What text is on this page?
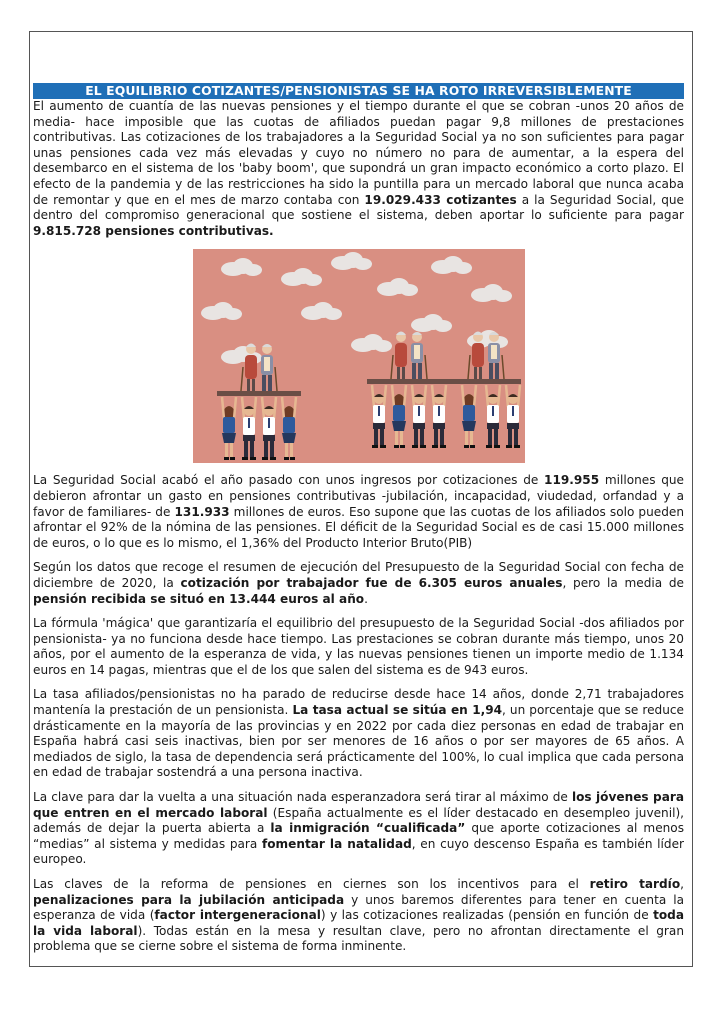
EL EQUILIBRIO COTIZANTES/PENSIONISTAS SE HA ROTO IRREVERSIBLEMENTE

El aumento de cuantía de las nuevas pensiones y el tiempo durante el que se cobran -unos 20 años de media- hace imposible que las cuotas de afiliados puedan pagar 9,8 millones de prestaciones contributivas. Las cotizaciones de los trabajadores a la Seguridad Social ya no son suficientes para pagar unas pensiones cada vez más elevadas y cuyo no número no para de aumentar, a la espera del desembarco en el sistema de los 'baby boom', que supondrá un gran impacto económico a corto plazo. El efecto de la pandemia y de las restricciones ha sido la puntilla para un mercado laboral que nunca acaba de remontar y que en el mes de marzo contaba con 19.029.433 cotizantes a la Seguridad Social, que dentro del compromiso generacional que sostiene el sistema, deben aportar lo suficiente para pagar 9.815.728 pensiones contributivas.

La Seguridad Social acabó el año pasado con unos ingresos por cotizaciones de 119.955 millones que debieron afrontar un gasto en pensiones contributivas -jubilación, incapacidad, viudedad, orfandad y a favor de familiares- de 131.933 millones de euros. Eso supone que las cuotas de los afiliados solo pueden afrontar el 92% de la nómina de las pensiones. El déficit de la Seguridad Social es de casi 15.000 millones de euros, o lo que es lo mismo, el 1,36% del Producto Interior Bruto(PIB)

Según los datos que recoge el resumen de ejecución del Presupuesto de la Seguridad Social con fecha de diciembre de 2020, la cotización por trabajador fue de 6.305 euros anuales, pero la media de pensión recibida se situó en 13.444 euros al año.

La fórmula 'mágica' que garantizaría el equilibrio del presupuesto de la Seguridad Social -dos afiliados por pensionista- ya no funciona desde hace tiempo. Las prestaciones se cobran durante más tiempo, unos 20 años, por el aumento de la esperanza de vida, y las nuevas pensiones tienen un importe medio de 1.134 euros en 14 pagas, mientras que el de los que salen del sistema es de 943 euros.

La tasa afiliados/pensionistas no ha parado de reducirse desde hace 14 años, donde 2,71 trabajadores mantenía la prestación de un pensionista. La tasa actual se sitúa en 1,94, un porcentaje que se reduce drásticamente en la mayoría de las provincias y en 2022 por cada diez personas en edad de trabajar en España habrá casi seis inactivas, bien por ser menores de 16 años o por ser mayores de 65 años. A mediados de siglo, la tasa de dependencia será prácticamente del 100%, lo cual implica que cada persona en edad de trabajar sostendrá a una persona inactiva.

La clave para dar la vuelta a una situación nada esperanzadora será tirar al máximo de los jóvenes para que entren en el mercado laboral (España actualmente es el líder destacado en desempleo juvenil), además de dejar la puerta abierta a la inmigración “cualificada” que aporte cotizaciones al menos “medias” al sistema y medidas para fomentar la natalidad, en cuyo descenso España es también líder europeo.

Las claves de la reforma de pensiones en ciernes son los incentivos para el retiro tardío, penalizaciones para la jubilación anticipada y unos baremos diferentes para tener en cuenta la esperanza de vida (factor intergeneracional) y las cotizaciones realizadas (pensión en función de toda la vida laboral). Todas están en la mesa y resultan clave, pero no afrontan directamente el gran problema que se cierne sobre el sistema de forma inminente.
